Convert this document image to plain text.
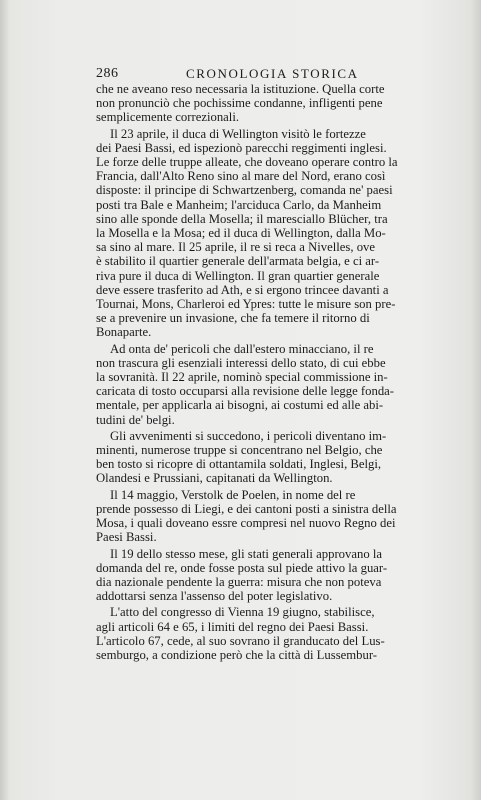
286	CRONOLOGIA STORICA
che ne aveano reso necessaria la istituzione. Quella corte
non pronunciò che pochissime condanne, infligenti pene
semplicemente correzionali.
Il 23 aprile, il duca di Wellington visitò le fortezze
dei Paesi Bassi, ed ispezionò parecchi reggimenti inglesi.
Le forze delle truppe alleate, che doveano operare contro la
Francia, dall'Alto Reno sino al mare del Nord, erano così
disposte: il principe di Schwartzenberg, comanda ne' paesi
posti tra Bale e Manheim; l'arciduca Carlo, da Manheim
sino alle sponde della Mosella; il maresciallo Blücher, tra
la Mosella e la Mosa; ed il duca di Wellington, dalla Mo-
sa sino al mare. Il 25 aprile, il re si reca a Nivelles, ove
è stabilito il quartier generale dell'armata belgia, e ci ar-
riva pure il duca di Wellington. Il gran quartier generale
deve essere trasferito ad Ath, e si ergono trincee davanti a
Tournai, Mons, Charleroi ed Ypres: tutte le misure son pre-
se a prevenire un invasione, che fa temere il ritorno di
Bonaparte.
Ad onta de' pericoli che dall'estero minacciano, il re
non trascura gli esenziali interessi dello stato, di cui ebbe
la sovranità. Il 22 aprile, nominò special commissione in-
caricata di tosto occuparsi alla revisione delle legge fonda-
mentale, per applicarla ai bisogni, ai costumi ed alle abi-
tudini de' belgi.
Gli avvenimenti si succedono, i pericoli diventano im-
minenti, numerose truppe si concentrano nel Belgio, che
ben tosto si ricopre di ottantamila soldati, Inglesi, Belgi,
Olandesi e Prussiani, capitanati da Wellington.
Il 14 maggio, Verstolk de Poelen, in nome del re
prende possesso di Liegi, e dei cantoni posti a sinistra della
Mosa, i quali doveano essre compresi nel nuovo Regno dei
Paesi Bassi.
Il 19 dello stesso mese, gli stati generali approvano la
domanda del re, onde fosse posta sul piede attivo la guar-
dia nazionale pendente la guerra: misura che non poteva
addottarsi senza l'assenso del poter legislativo.
L'atto del congresso di Vienna 19 giugno, stabilisce,
agli articoli 64 e 65, i limiti del regno dei Paesi Bassi.
L'articolo 67, cede, al suo sovrano il granducato del Lus-
semburgo, a condizione però che la città di Lussembur-
